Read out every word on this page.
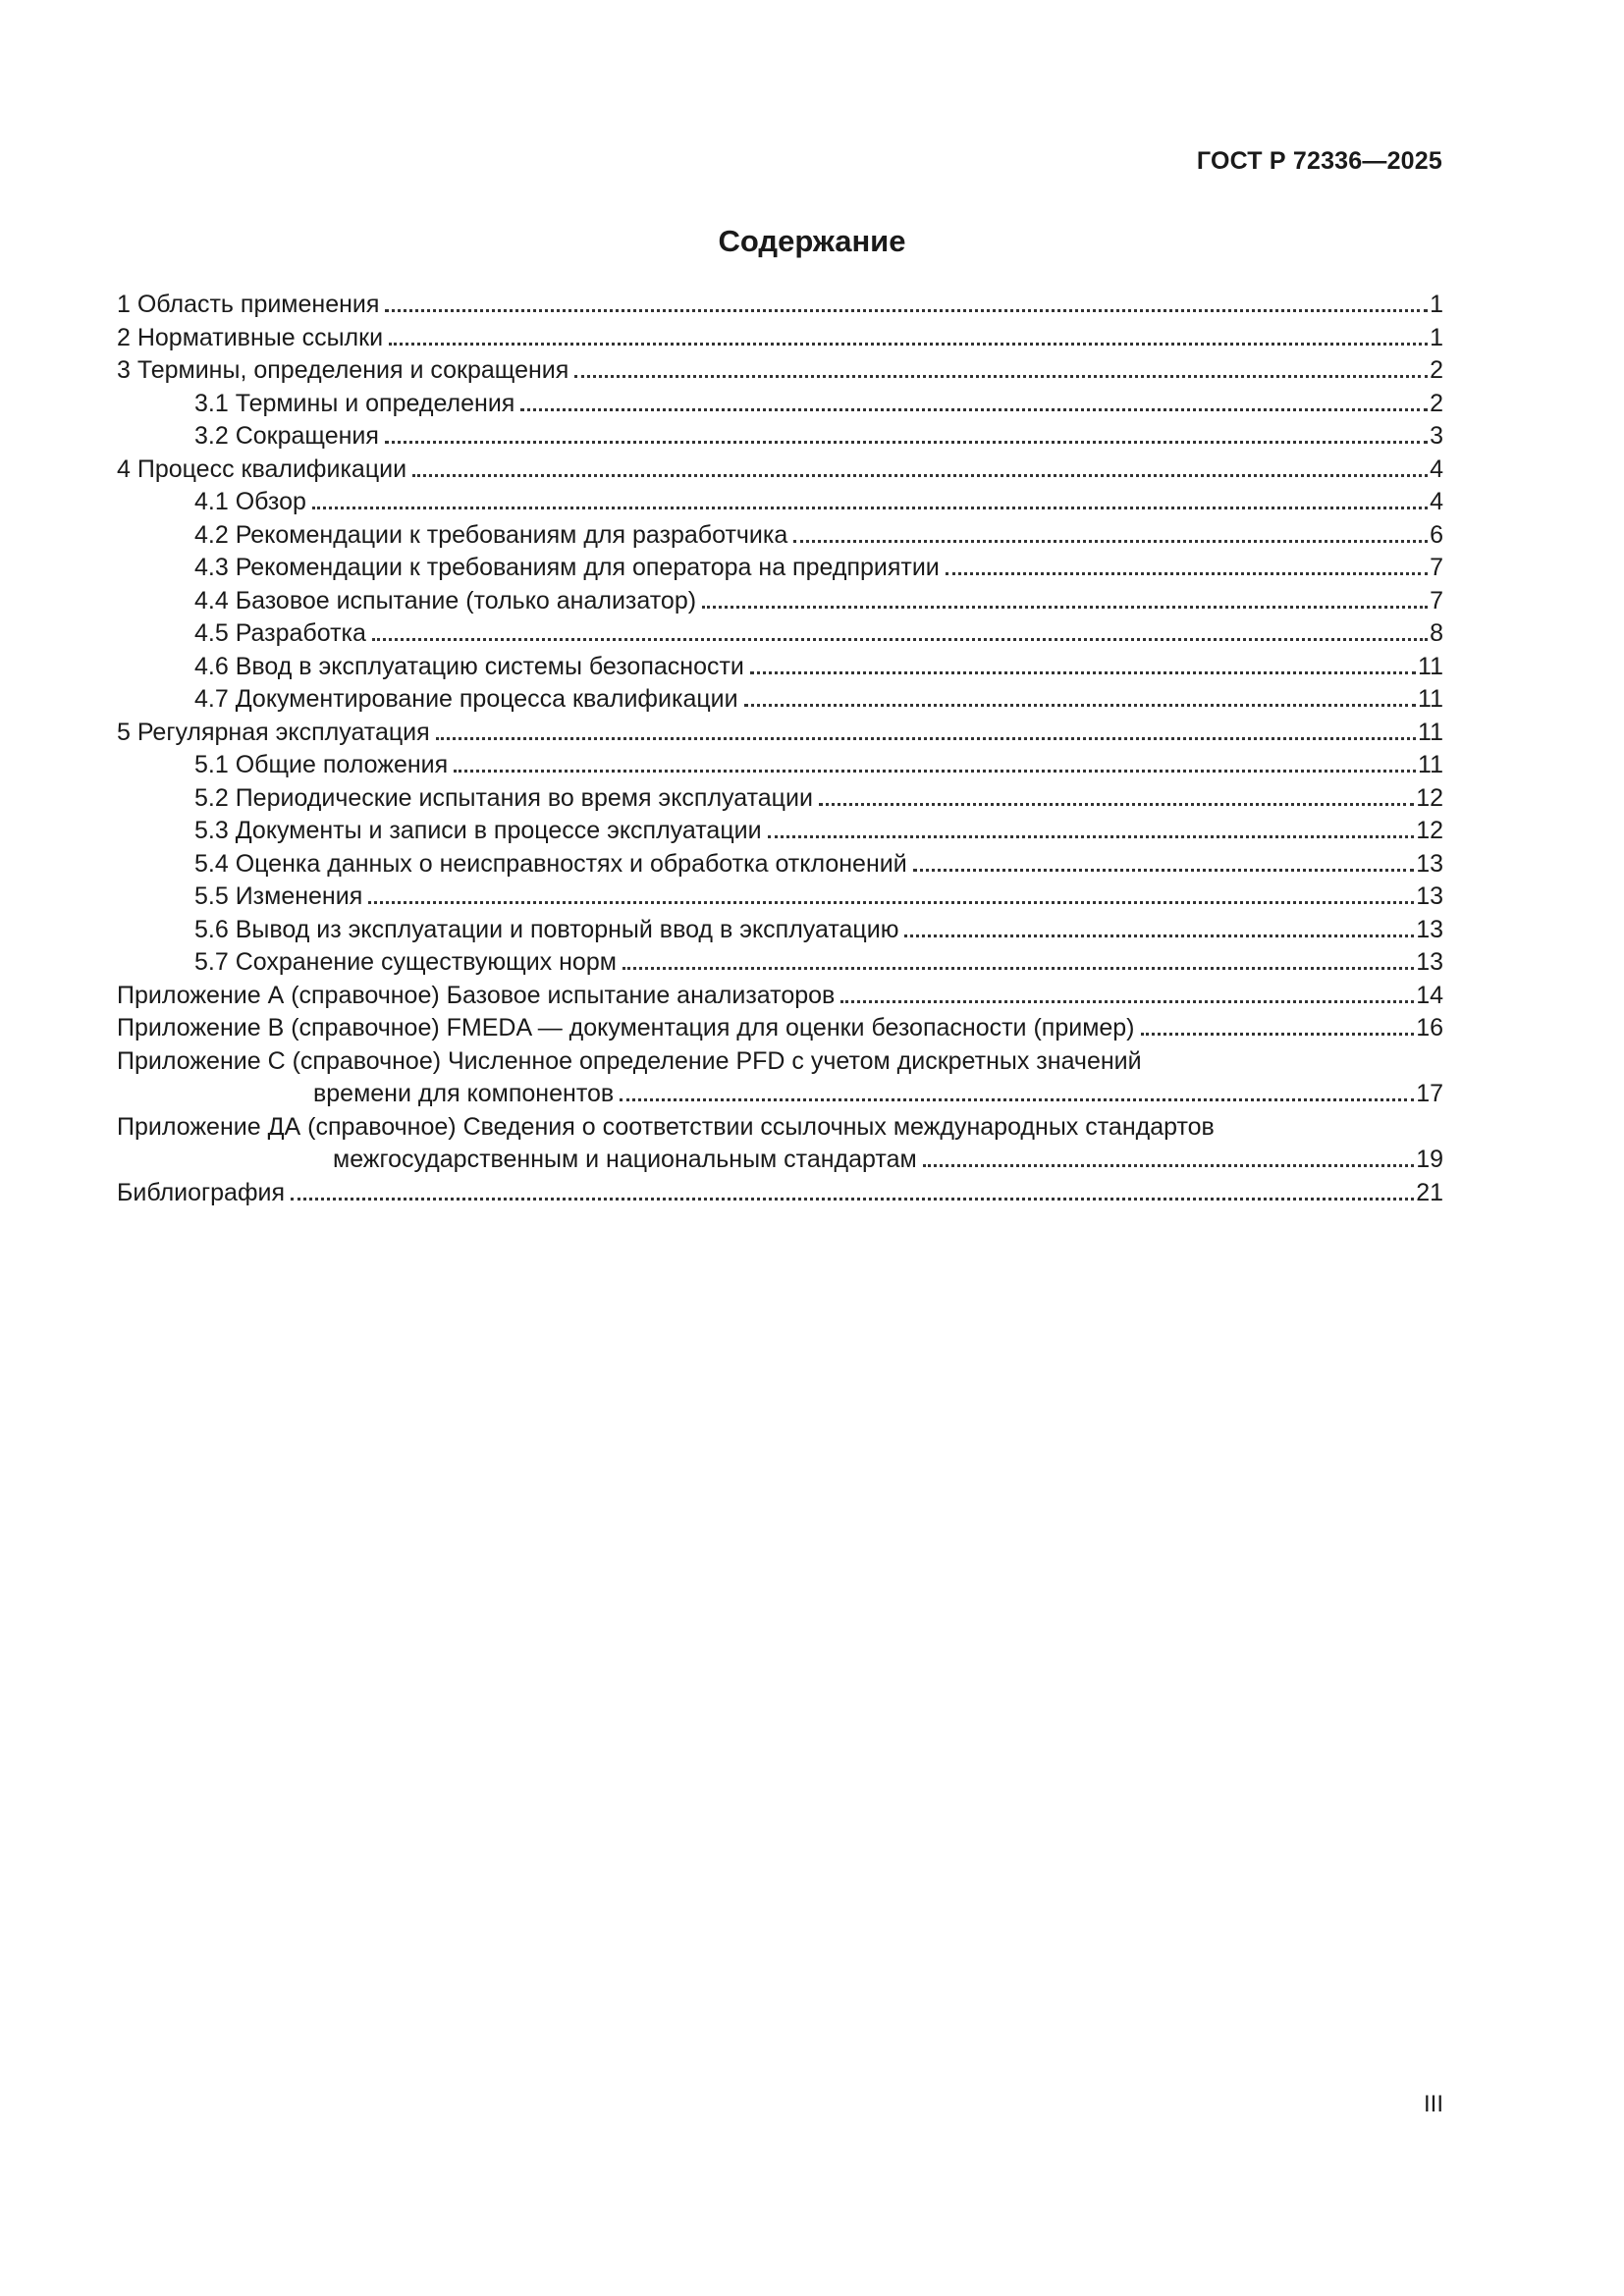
ГОСТ Р 72336—2025
Содержание
1 Область применения	1
2 Нормативные ссылки	1
3 Термины, определения и сокращения	2
3.1 Термины и определения	2
3.2 Сокращения	3
4 Процесс квалификации	4
4.1 Обзор	4
4.2 Рекомендации к требованиям для разработчика	6
4.3 Рекомендации к требованиям для оператора на предприятии	7
4.4 Базовое испытание (только анализатор)	7
4.5 Разработка	8
4.6 Ввод в эксплуатацию системы безопасности	11
4.7 Документирование процесса квалификации	11
5 Регулярная эксплуатация	11
5.1 Общие положения	11
5.2 Периодические испытания во время эксплуатации	12
5.3 Документы и записи в процессе эксплуатации	12
5.4 Оценка данных о неисправностях и обработка отклонений	13
5.5 Изменения	13
5.6 Вывод из эксплуатации и повторный ввод в эксплуатацию	13
5.7 Сохранение существующих норм	13
Приложение А (справочное) Базовое испытание анализаторов	14
Приложение В (справочное) FMEDA — документация для оценки безопасности (пример)	16
Приложение С (справочное) Численное определение PFD с учетом дискретных значений
времени для компонентов	17
Приложение ДА (справочное) Сведения о соответствии ссылочных международных стандартов
межгосударственным и национальным стандартам	19
Библиография	21
III
